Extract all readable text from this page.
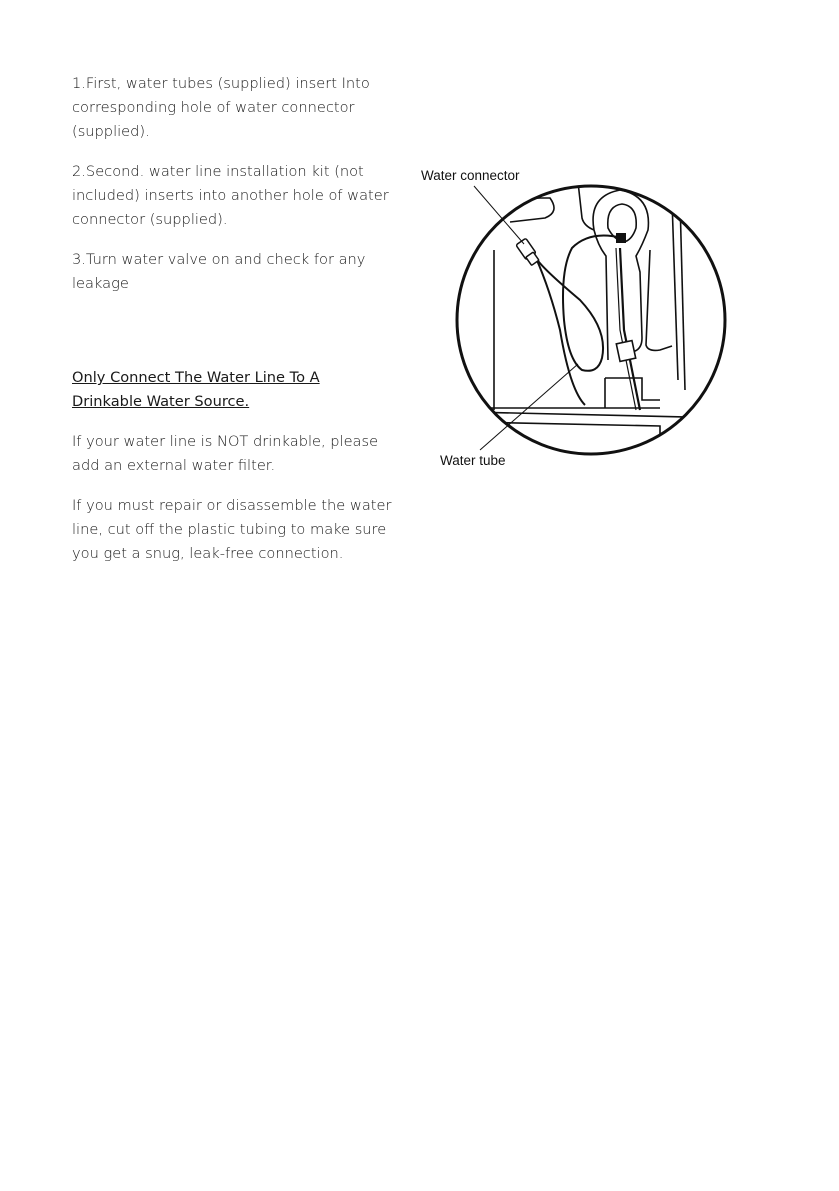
1.First, water tubes (supplied) insert Into corresponding hole of water connector (supplied).

2.Second. water line installation kit (not included) inserts into another hole of water connector (supplied).

3.Turn water valve on and check for any leakage

Only Connect The Water Line To A Drinkable Water Source.

If your water line is NOT drinkable, please add an external water filter.

If you must repair or disassemble the water line, cut off the plastic tubing to make sure you get a snug, leak-free connection.

Water connector
Water tube
